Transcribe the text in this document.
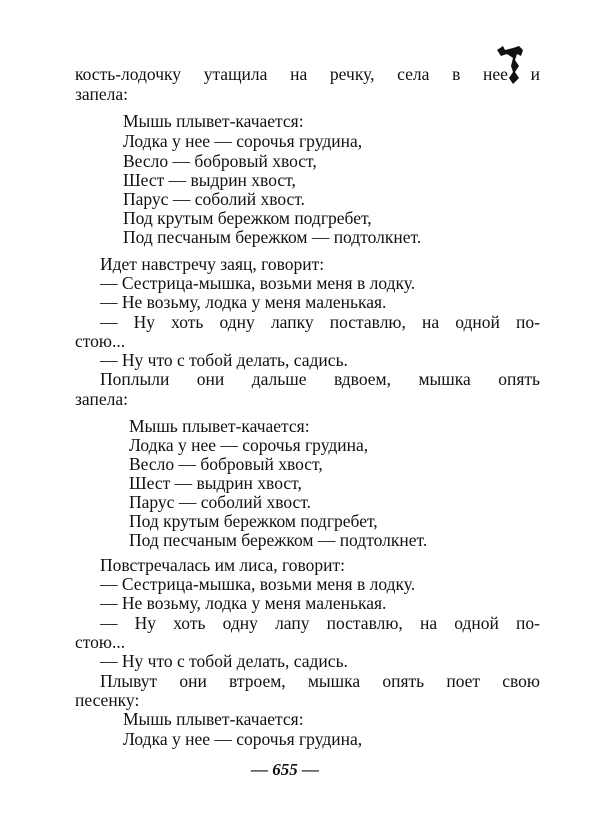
кость-лодочку утащила на речку, села в нее и
запела:
Мышь плывет-качается:
Лодка у нее — сорочья грудина,
Весло — бобровый хвост,
Шест — выдрин хвост,
Парус — соболий хвост.
Под крутым бережком подгребет,
Под песчаным бережком — подтолкнет.
Идет навстречу заяц, говорит:
— Сестрица-мышка, возьми меня в лодку.
— Не возьму, лодка у меня маленькая.
— Ну хоть одну лапку поставлю, на одной по-
стою...
— Ну что с тобой делать, садись.
Поплыли они дальше вдвоем, мышка опять
запела:
Мышь плывет-качается:
Лодка у нее — сорочья грудина,
Весло — бобровый хвост,
Шест — выдрин хвост,
Парус — соболий хвост.
Под крутым бережком подгребет,
Под песчаным бережком — подтолкнет.
Повстречалась им лиса, говорит:
— Сестрица-мышка, возьми меня в лодку.
— Не возьму, лодка у меня маленькая.
— Ну хоть одну лапу поставлю, на одной по-
стою...
— Ну что с тобой делать, садись.
Плывут они втроем, мышка опять поет свою
песенку:
Мышь плывет-качается:
Лодка у нее — сорочья грудина,
— 655 —
